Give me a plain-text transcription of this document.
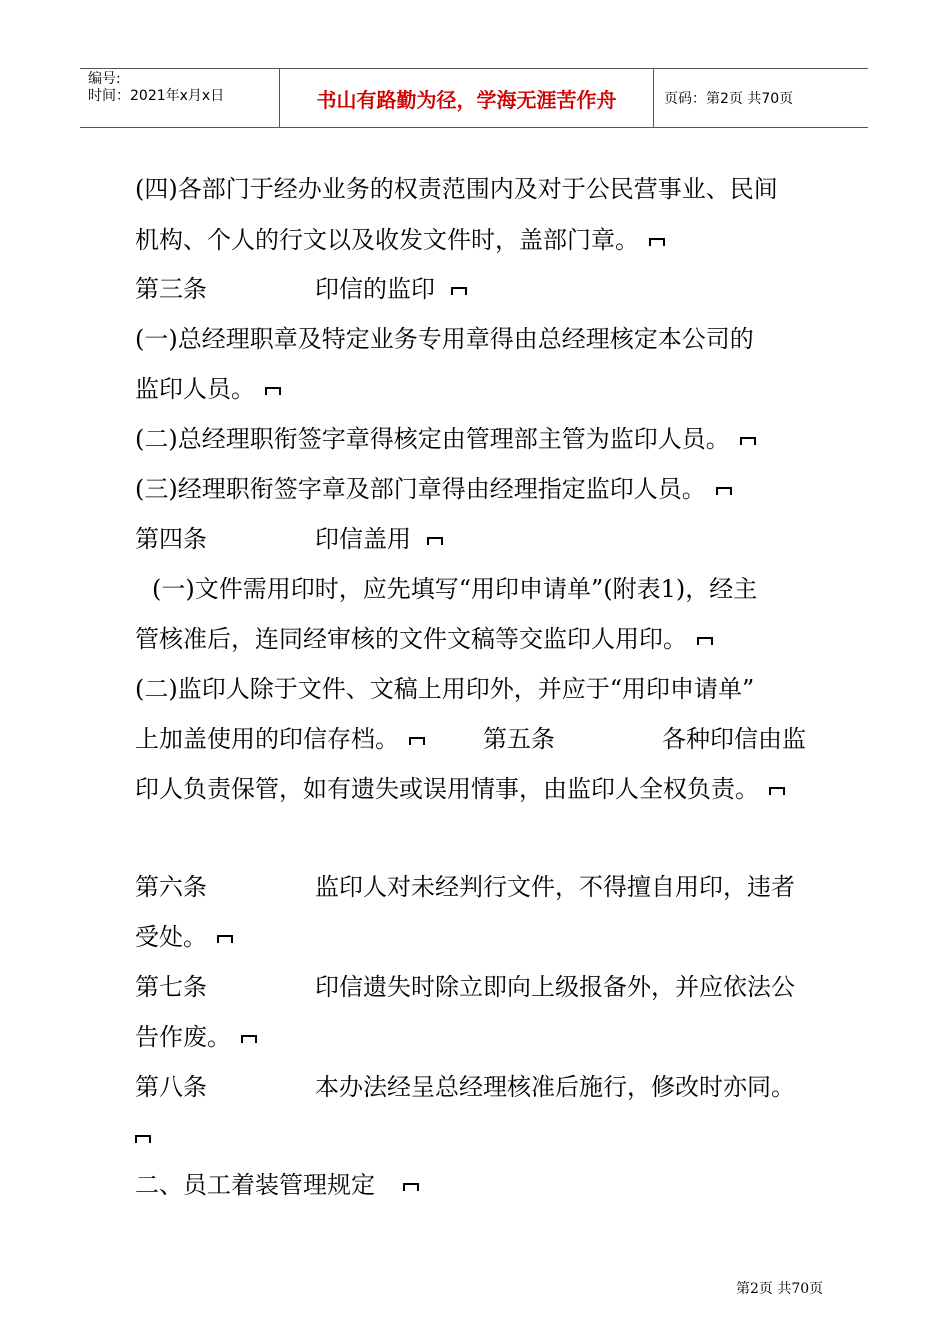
编号:
时间：2021年x月x日	书山有路勤为径，学海无涯苦作舟	页码：第2页 共70页
(四)各部门于经办业务的权责范围内及对于公民营事业、民间
机构、个人的行文以及收发文件时，盖部门章。
第三条	印信的监印
(一)总经理职章及特定业务专用章得由总经理核定本公司的
监印人员。
(二)总经理职衔签字章得核定由管理部主管为监印人员。
(三)经理职衔签字章及部门章得由经理指定监印人员。
第四条	印信盖用
(一)文件需用印时，应先填写“用印申请单”(附表1)，经主
管核准后，连同经审核的文件文稿等交监印人用印。
(二)监印人除于文件、文稿上用印外，并应于“用印申请单”
上加盖使用的印信存档。	第五条	各种印信由监
印人负责保管，如有遗失或误用情事，由监印人全权负责。
第六条	监印人对未经判行文件，不得擅自用印，违者
受处。
第七条	印信遗失时除立即向上级报备外，并应依法公
告作废。
第八条	本办法经呈总经理核准后施行，修改时亦同。
二、员工着装管理规定
第2页 共70页
